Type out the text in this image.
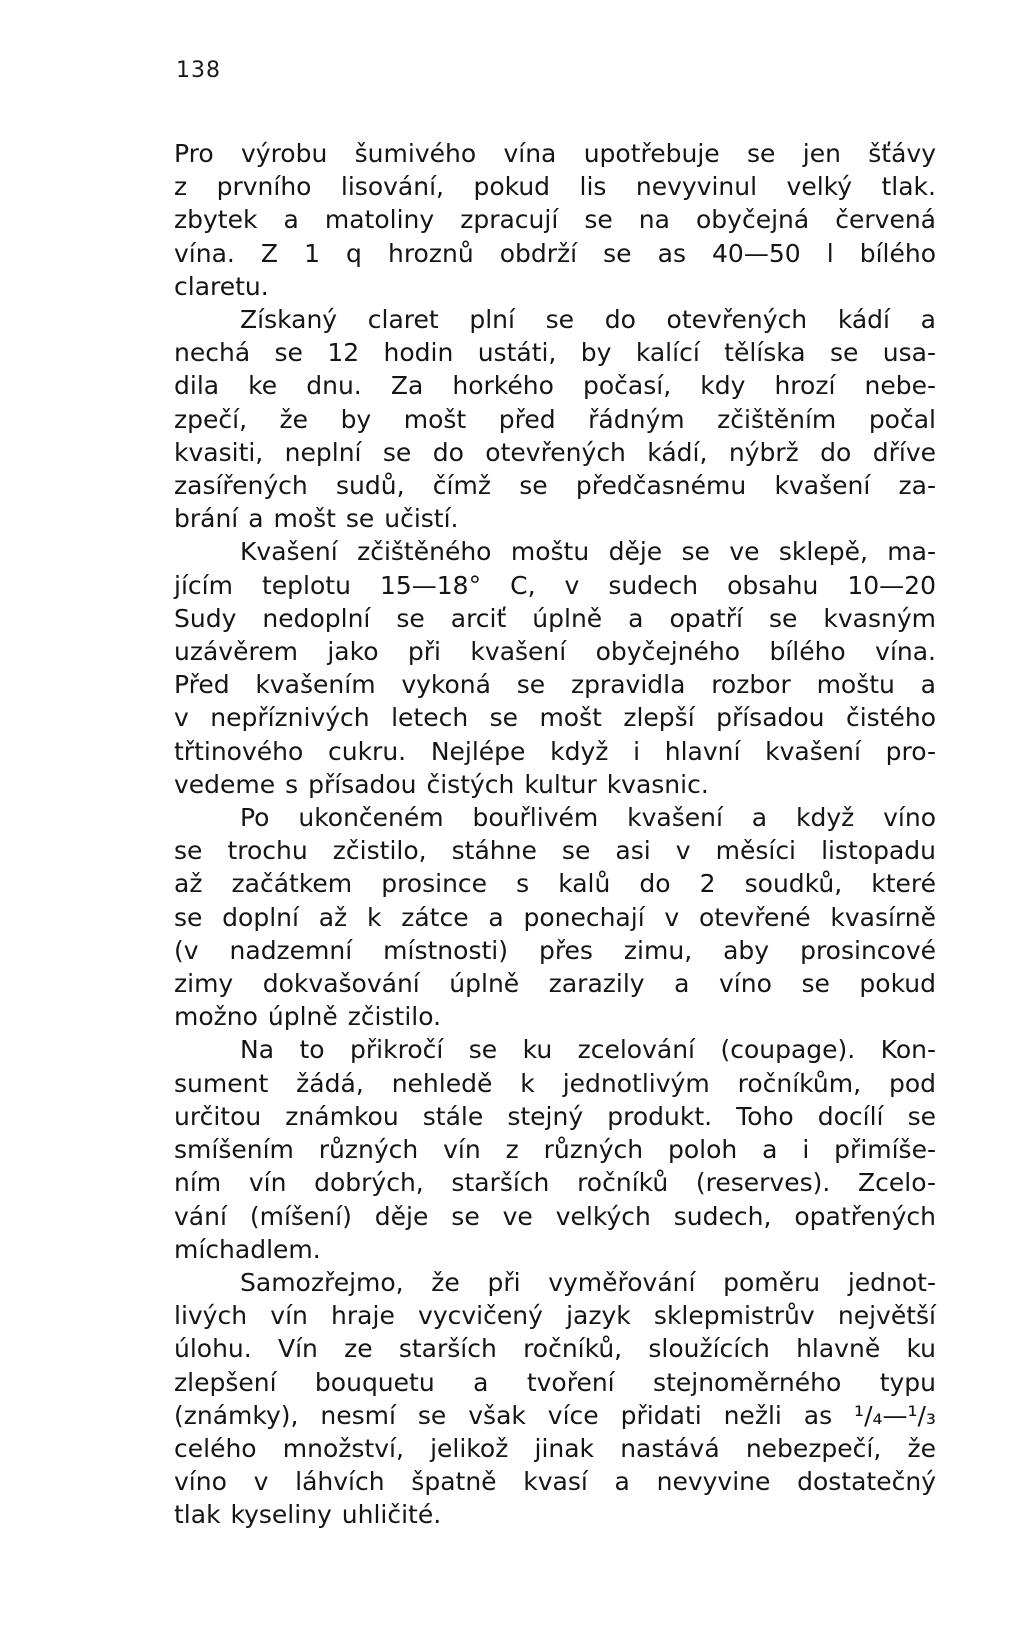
138
Pro výrobu šumivého vína upotřebuje se jen šťávy
z prvního lisování, pokud lis nevyvinul velký tlak.
zbytek a matoliny zpracují se na obyčejná červená
vína. Z 1 q hroznů obdrží se as 40—50 l bílého
claretu.
Získaný claret plní se do otevřených kádí a
nechá se 12 hodin ustáti, by kalící tělíska se usa-
dila ke dnu. Za horkého počasí, kdy hrozí nebe-
zpečí, že by mošt před řádným zčištěním počal
kvasiti, neplní se do otevřených kádí, nýbrž do dříve
zasířených sudů, čímž se předčasnému kvašení za-
brání a mošt se učistí.
Kvašení zčištěného moštu děje se ve sklepě, ma-
jícím teplotu 15—18° C, v sudech obsahu 10—20
Sudy nedoplní se arciť úplně a opatří se kvasným
uzávěrem jako při kvašení obyčejného bílého vína.
Před kvašením vykoná se zpravidla rozbor moštu a
v nepříznivých letech se mošt zlepší přísadou čistého
třtinového cukru. Nejlépe když i hlavní kvašení pro-
vedeme s přísadou čistých kultur kvasnic.
Po ukončeném bouřlivém kvašení a když víno
se trochu zčistilo, stáhne se asi v měsíci listopadu
až začátkem prosince s kalů do 2 soudků, které
se doplní až k zátce a ponechají v otevřené kvasírně
(v nadzemní místnosti) přes zimu, aby prosincové
zimy dokvašování úplně zarazily a víno se pokud
možno úplně zčistilo.
Na to přikročí se ku zcelování (coupage). Kon-
sument žádá, nehledě k jednotlivým ročníkům, pod
určitou známkou stále stejný produkt. Toho docílí se
smíšením různých vín z různých poloh a i přimíše-
ním vín dobrých, starších ročníků (reserves). Zcelo-
vání (míšení) děje se ve velkých sudech, opatřených
míchadlem.
Samozřejmo, že při vyměřování poměru jednot-
livých vín hraje vycvičený jazyk sklepmistrův největší
úlohu. Vín ze starších ročníků, sloužících hlavně ku
zlepšení bouquetu a tvoření stejnoměrného typu
(známky), nesmí se však více přidati nežli as ¹/₄—¹/₃
celého množství, jelikož jinak nastává nebezpečí, že
víno v láhvích špatně kvasí a nevyvine dostatečný
tlak kyseliny uhličité.
